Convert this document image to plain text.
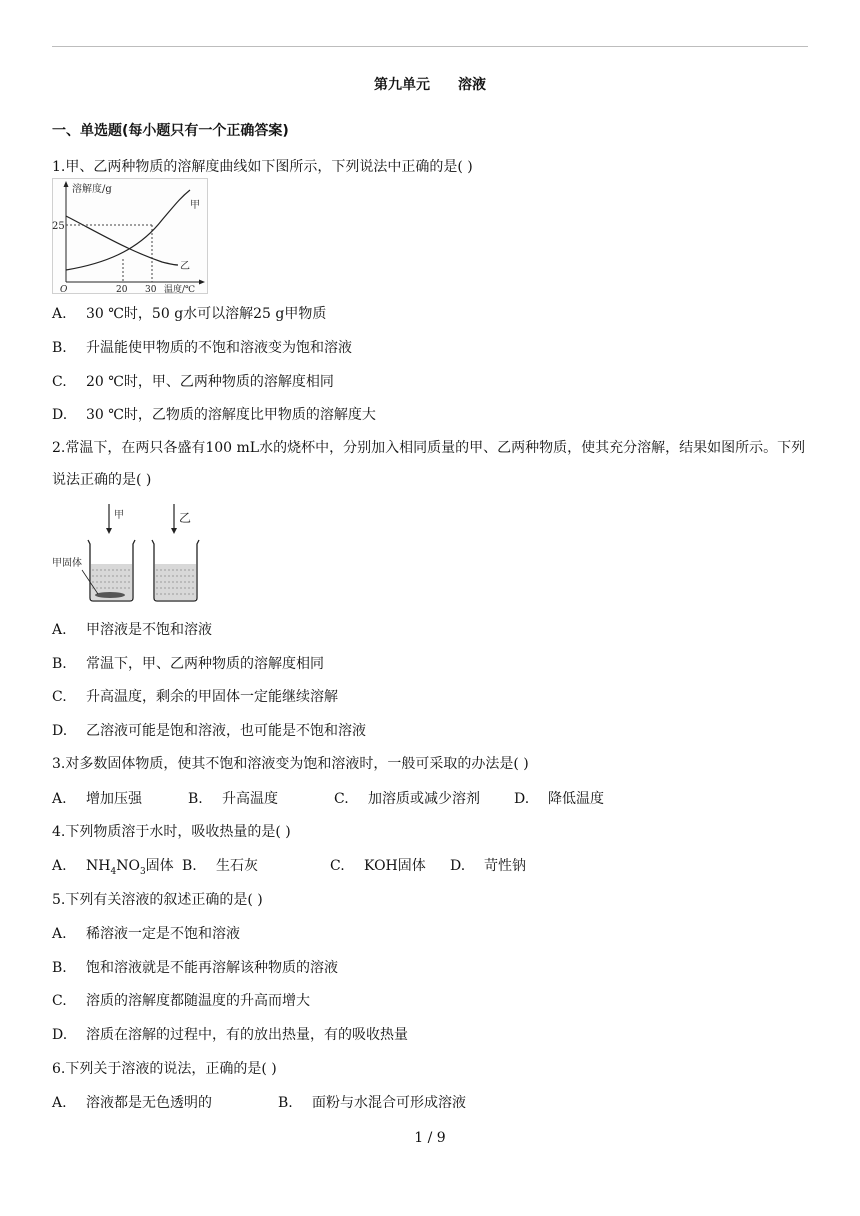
第九单元 溶液
一、单选题(每小题只有一个正确答案)
1.甲、乙两种物质的溶解度曲线如下图所示，下列说法中正确的是( )
溶解度/g
25
O	20 30 温度/℃
甲
乙
A. 30 ℃时，50 g水可以溶解25 g甲物质
B. 升温能使甲物质的不饱和溶液变为饱和溶液
C. 20 ℃时，甲、乙两种物质的溶解度相同
D. 30 ℃时，乙物质的溶解度比甲物质的溶解度大
2.常温下，在两只各盛有100 mL水的烧杯中，分别加入相同质量的甲、乙两种物质，使其充分溶解，结果如图所示。下列说法正确的是( )
甲	乙
甲固体
A. 甲溶液是不饱和溶液
B. 常温下，甲、乙两种物质的溶解度相同
C. 升高温度，剩余的甲固体一定能继续溶解
D. 乙溶液可能是饱和溶液，也可能是不饱和溶液
3.对多数固体物质，使其不饱和溶液变为饱和溶液时，一般可采取的办法是( )
A. 增加压强	B. 升高温度	C. 加溶质或减少溶剂 D. 降低温度
4.下列物质溶于水时，吸收热量的是( )
A. $NH_4NO_3$固体 B. 生石灰	C. KOH固体 D. 苛性钠
5.下列有关溶液的叙述正确的是( )
A. 稀溶液一定是不饱和溶液
B. 饱和溶液就是不能再溶解该种物质的溶液
C. 溶质的溶解度都随温度的升高而增大
D. 溶质在溶解的过程中，有的放出热量，有的吸收热量
6.下列关于溶液的说法，正确的是( )
A. 溶液都是无色透明的	B. 面粉与水混合可形成溶液
1 / 9
